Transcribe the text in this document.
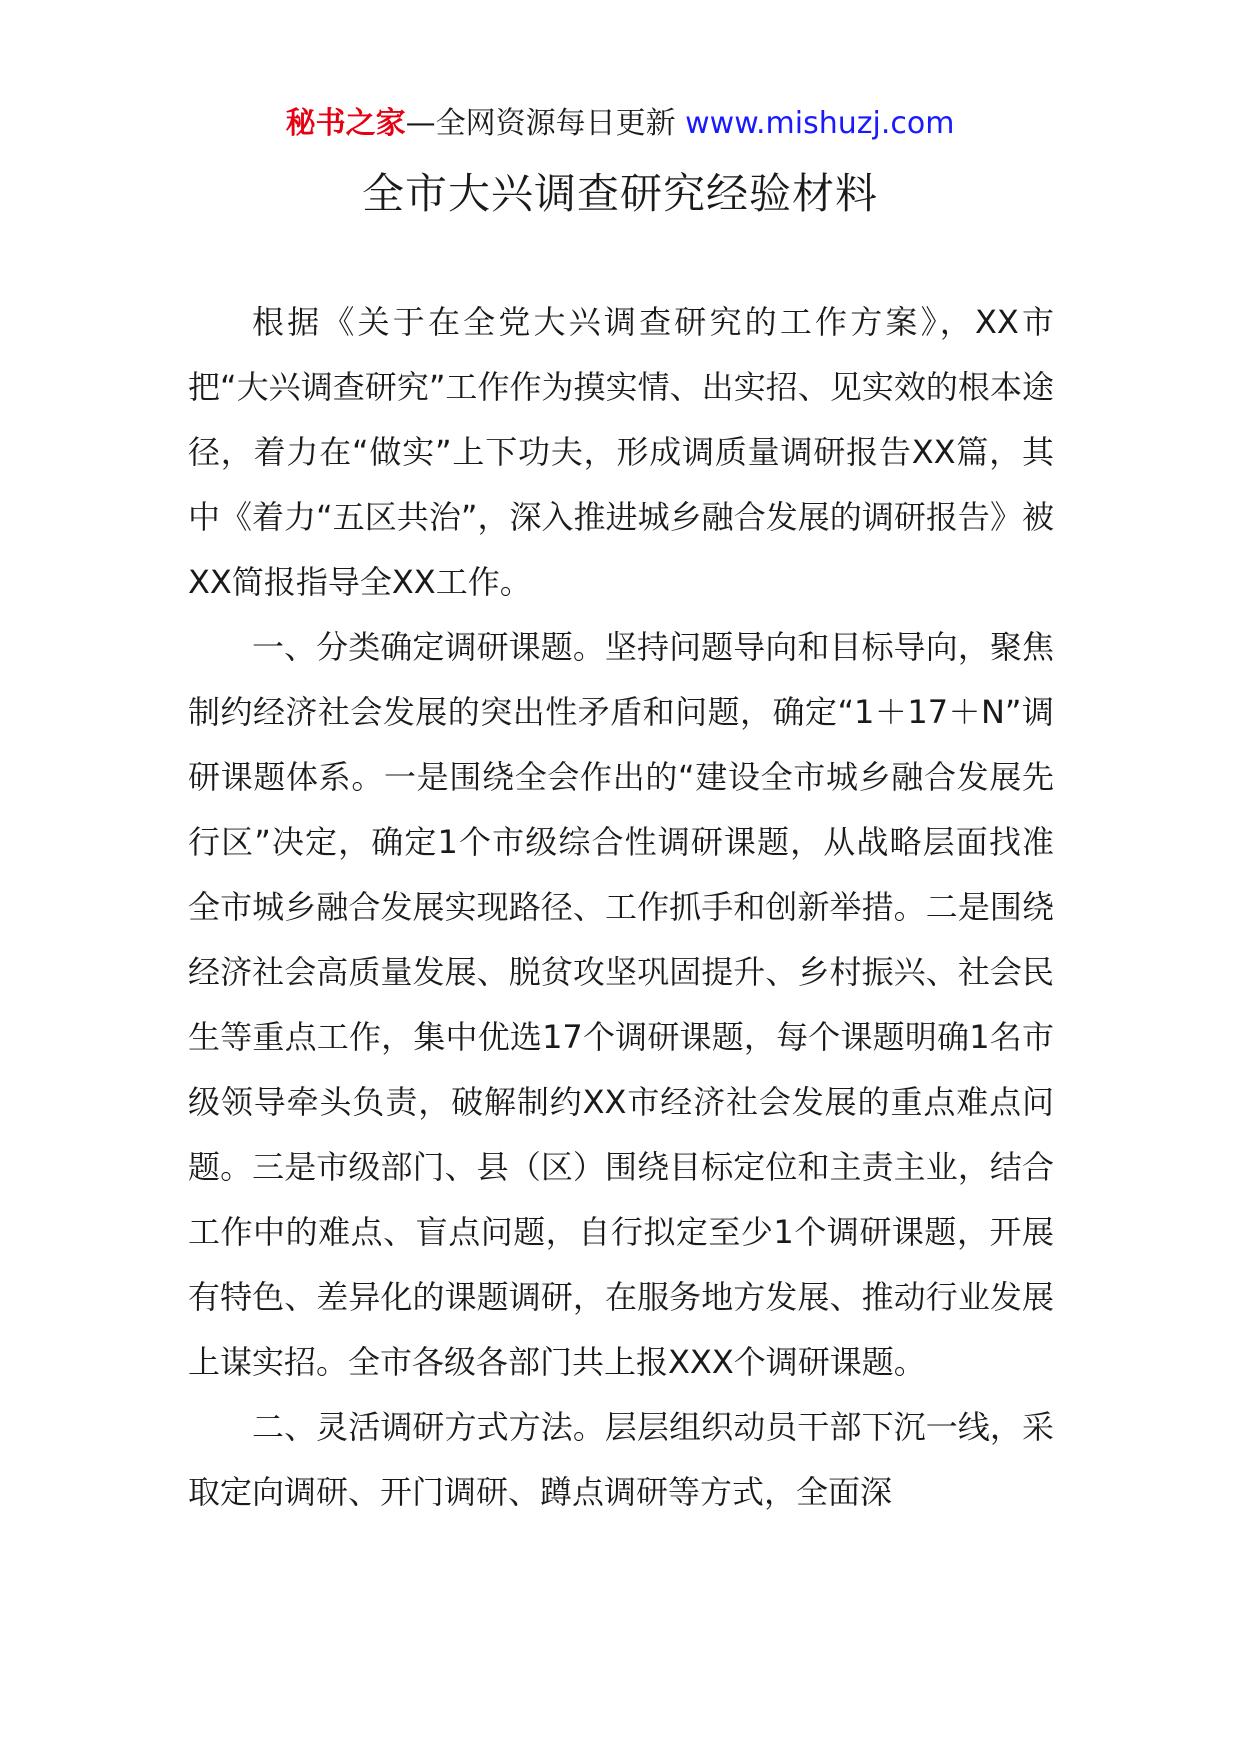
秘书之家—全网资源每日更新 www.mishuzj.com
全市大兴调查研究经验材料

根据《关于在全党大兴调查研究的工作方案》，XX市把“大兴调查研究”工作作为摸实情、出实招、见实效的根本途径，着力在“做实”上下功夫，形成调质量调研报告XX篇，其中《着力“五区共治”，深入推进城乡融合发展的调研报告》被XX简报指导全XX工作。

一、分类确定调研课题。坚持问题导向和目标导向，聚焦制约经济社会发展的突出性矛盾和问题，确定“1＋17＋N”调研课题体系。一是围绕全会作出的“建设全市城乡融合发展先行区”决定，确定1个市级综合性调研课题，从战略层面找准全市城乡融合发展实现路径、工作抓手和创新举措。二是围绕经济社会高质量发展、脱贫攻坚巩固提升、乡村振兴、社会民生等重点工作，集中优选17个调研课题，每个课题明确1名市级领导牵头负责，破解制约XX市经济社会发展的重点难点问题。三是市级部门、县（区）围绕目标定位和主责主业，结合工作中的难点、盲点问题，自行拟定至少1个调研课题，开展有特色、差异化的课题调研，在服务地方发展、推动行业发展上谋实招。全市各级各部门共上报XXX个调研课题。

二、灵活调研方式方法。层层组织动员干部下沉一线，采取定向调研、开门调研、蹲点调研等方式，全面深
